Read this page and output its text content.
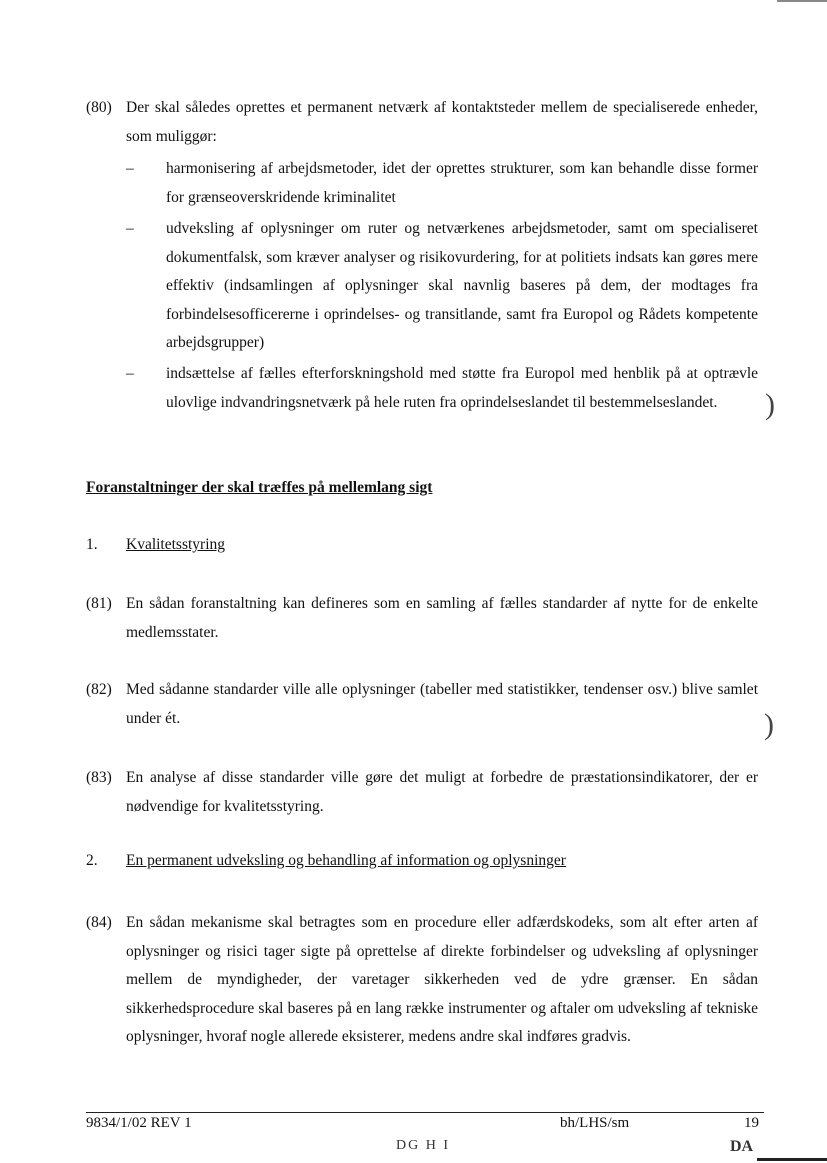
(80) Der skal således oprettes et permanent netværk af kontaktsteder mellem de specialiserede enheder, som muliggør:
– harmonisering af arbejdsmetoder, idet der oprettes strukturer, som kan behandle disse former for grænseoverskridende kriminalitet
– udveksling af oplysninger om ruter og netværkenes arbejdsmetoder, samt om specialiseret dokumentfalsk, som kræver analyser og risikovurdering, for at politiets indsats kan gøres mere effektiv (indsamlingen af oplysninger skal navnlig baseres på dem, der modtages fra forbindelsesofficererne i oprindelses- og transitlande, samt fra Europol og Rådets kompetente arbejdsgrupper)
– indsættelse af fælles efterforskningshold med støtte fra Europol med henblik på at optrævle ulovlige indvandringsnetværk på hele ruten fra oprindelseslandet til bestemmelseslandet.	)
Foranstaltninger der skal træffes på mellemlang sigt
1. Kvalitetsstyring
(81) En sådan foranstaltning kan defineres som en samling af fælles standarder af nytte for de enkelte medlemsstater.
(82) Med sådanne standarder ville alle oplysninger (tabeller med statistikker, tendenser osv.) blive samlet under ét.	)
(83) En analyse af disse standarder ville gøre det muligt at forbedre de præstationsindikatorer, der er nødvendige for kvalitetsstyring.
2. En permanent udveksling og behandling af information og oplysninger
(84) En sådan mekanisme skal betragtes som en procedure eller adfærdskodeks, som alt efter arten af oplysninger og risici tager sigte på oprettelse af direkte forbindelser og udveksling af oplysninger mellem de myndigheder, der varetager sikkerheden ved de ydre grænser. En sådan sikkerhedsprocedure skal baseres på en lang række instrumenter og aftaler om udveksling af tekniske oplysninger, hvoraf nogle allerede eksisterer, medens andre skal indføres gradvis.
9834/1/02 REV 1	bh/LHS/sm	19
DG H I	DA
